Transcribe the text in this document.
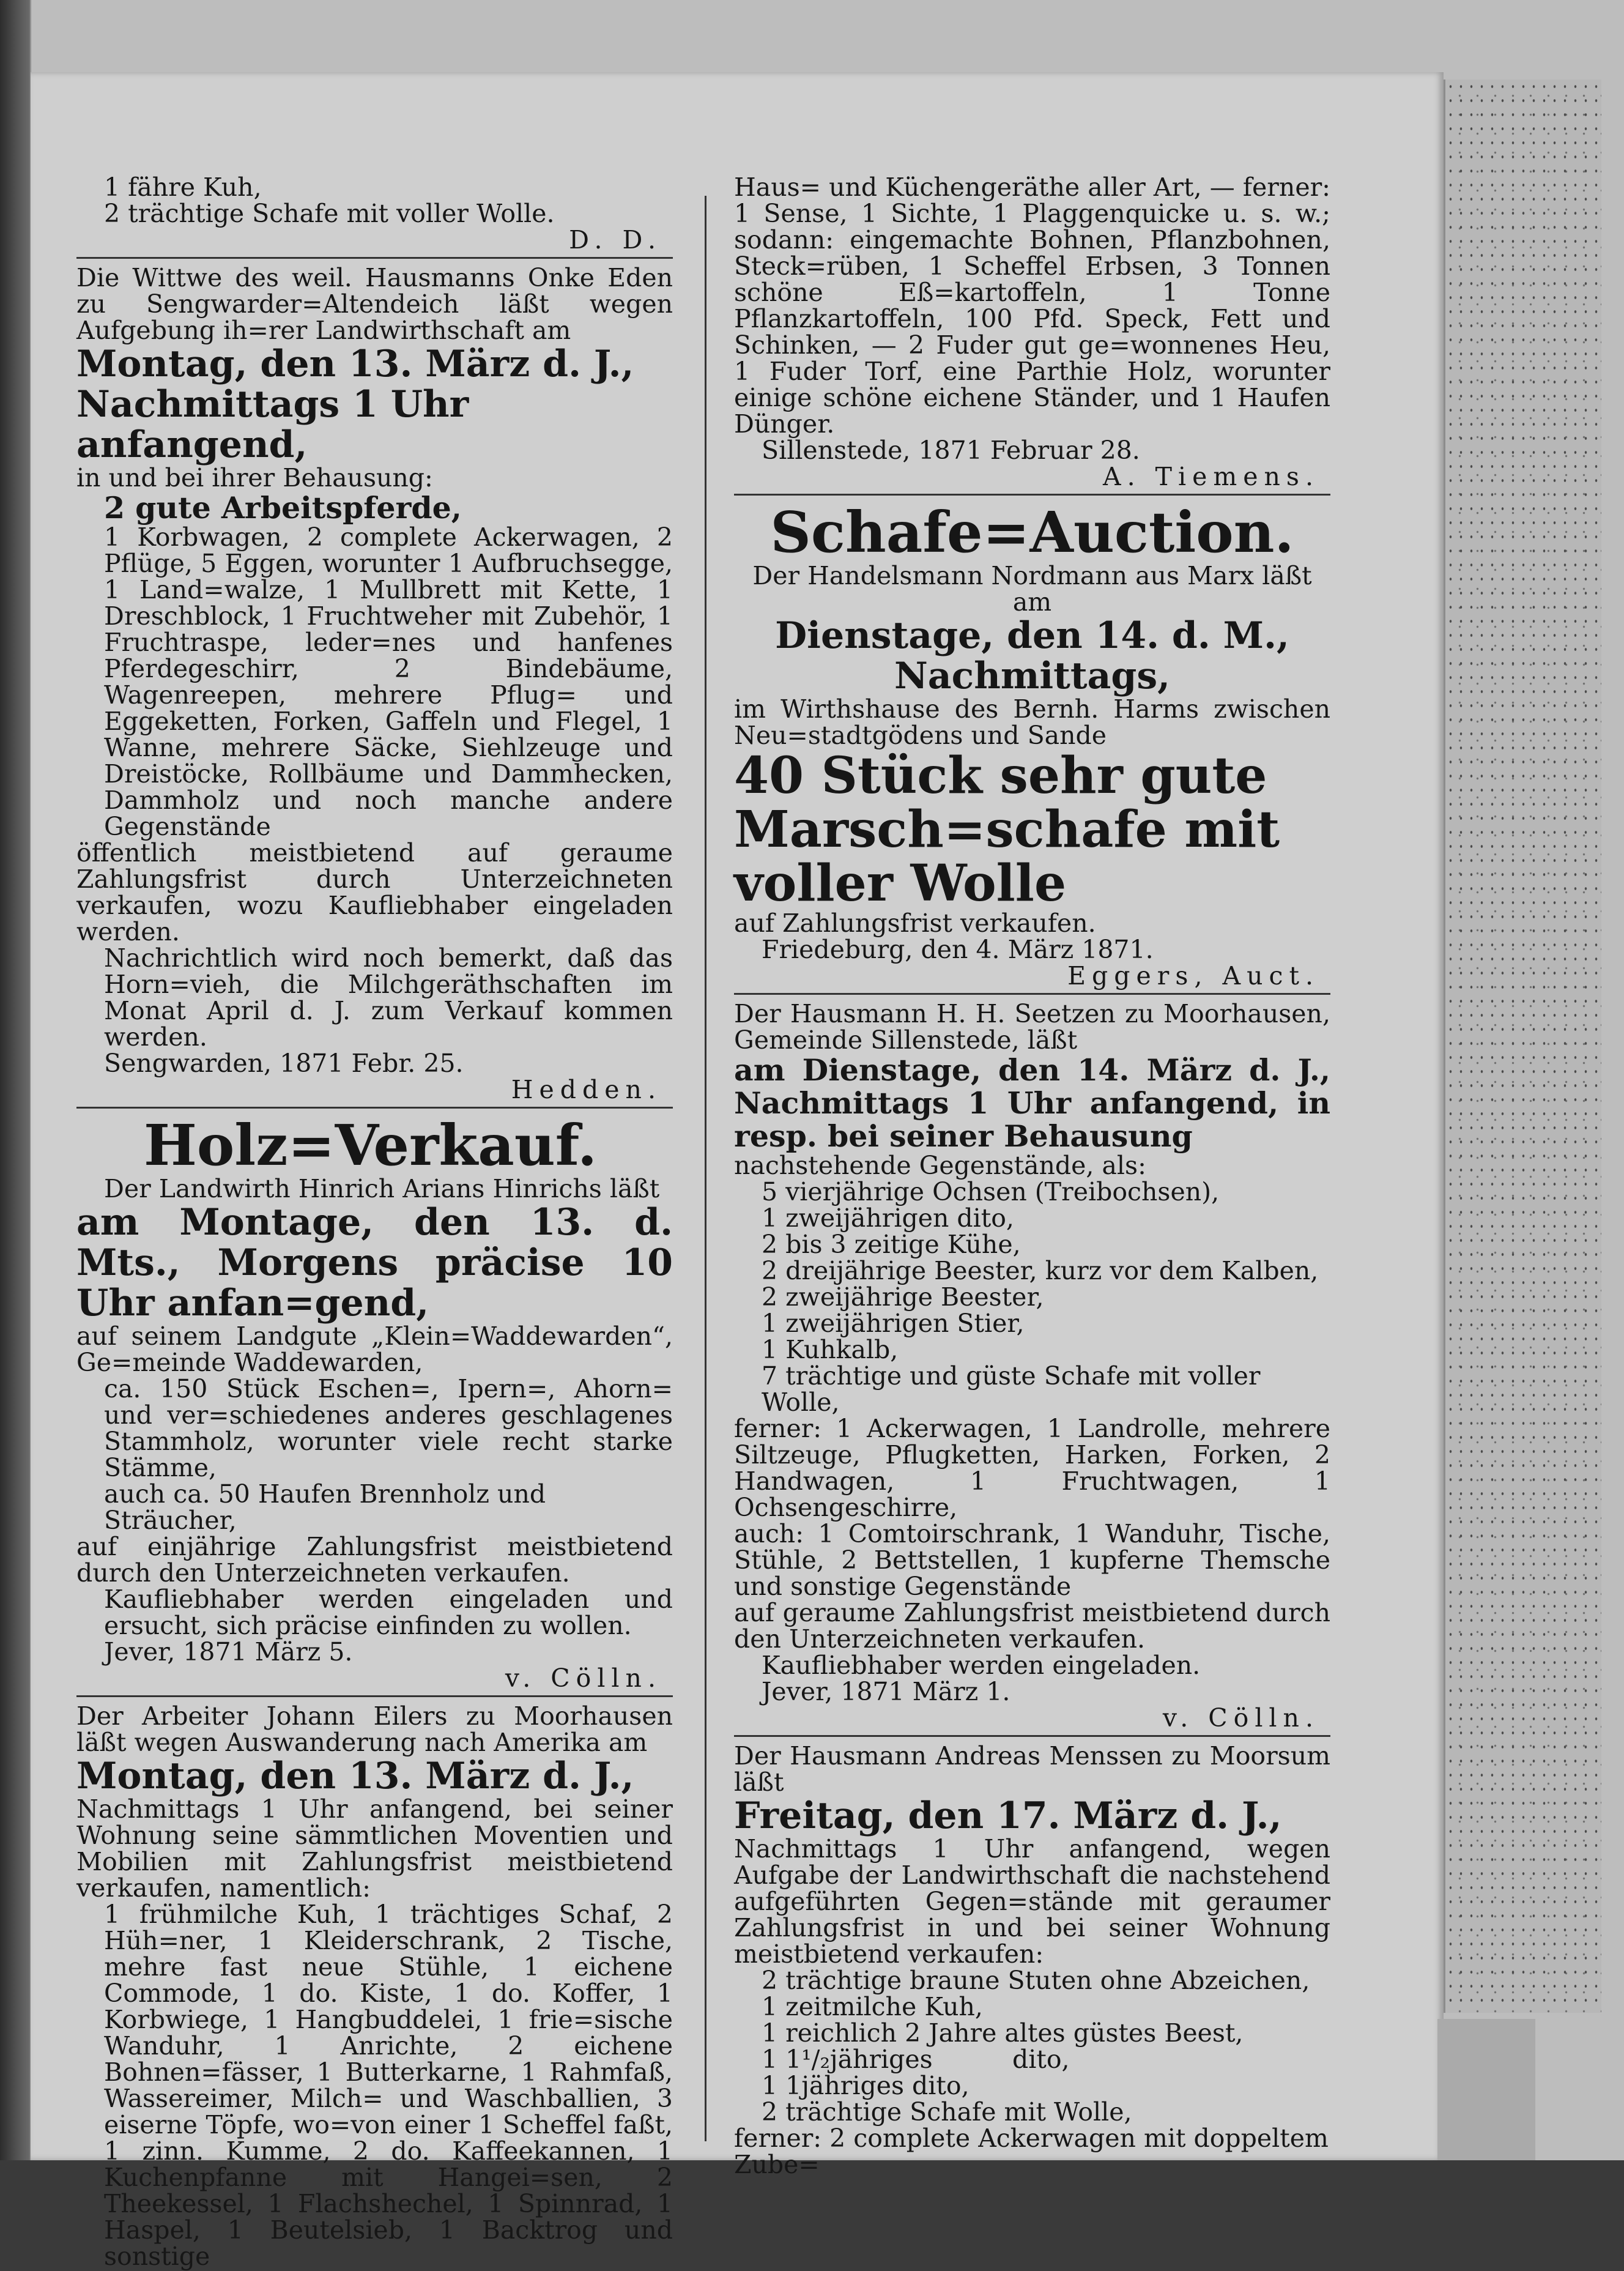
1 fähre Kuh,

2 trächtige Schafe mit voller Wolle.

D. D.

Die Wittwe des weil. Hausmanns Onke Eden zu Sengwarder=Altendeich läßt wegen Aufgebung ih=rer Landwirthschaft am

Montag, den 13. März d. J.,

Nachmittags 1 Uhr anfangend,

in und bei ihrer Behausung:

2 gute Arbeitspferde,

1 Korbwagen, 2 complete Ackerwagen, 2 Pflüge, 5 Eggen, worunter 1 Aufbruchsegge, 1 Land=walze, 1 Mullbrett mit Kette, 1 Dreschblock, 1 Fruchtweher mit Zubehör, 1 Fruchtraspe, leder=nes und hanfenes Pferdegeschirr, 2 Bindebäume, Wagenreepen, mehrere Pflug= und Eggeketten, Forken, Gaffeln und Flegel, 1 Wanne, mehrere Säcke, Siehlzeuge und Dreistöcke, Rollbäume und Dammhecken, Dammholz und noch manche andere Gegenstände

öffentlich meistbietend auf geraume Zahlungsfrist durch Unterzeichneten verkaufen, wozu Kaufliebhaber eingeladen werden.

Nachrichtlich wird noch bemerkt, daß das Horn=vieh, die Milchgeräthschaften im Monat April d. J. zum Verkauf kommen werden.

Sengwarden, 1871 Febr. 25.

Hedden.

Holz=Verkauf.

Der Landwirth Hinrich Arians Hinrichs läßt

am Montage, den 13. d. Mts., Morgens präcise 10 Uhr anfan=gend,

auf seinem Landgute „Klein=Waddewarden“, Ge=meinde Waddewarden,

ca. 150 Stück Eschen=, Ipern=, Ahorn= und ver=schiedenes anderes geschlagenes Stammholz, worunter viele recht starke Stämme,

auch ca. 50 Haufen Brennholz und Sträucher,

auf einjährige Zahlungsfrist meistbietend durch den Unterzeichneten verkaufen.

Kaufliebhaber werden eingeladen und ersucht, sich präcise einfinden zu wollen.

Jever, 1871 März 5.

v. Cölln.

Der Arbeiter Johann Eilers zu Moorhausen läßt wegen Auswanderung nach Amerika am

Montag, den 13. März d. J.,

Nachmittags 1 Uhr anfangend, bei seiner Wohnung seine sämmtlichen Moventien und Mobilien mit Zahlungsfrist meistbietend verkaufen, namentlich:

1 frühmilche Kuh, 1 trächtiges Schaf, 2 Hüh=ner, 1 Kleiderschrank, 2 Tische, mehre fast neue Stühle, 1 eichene Commode, 1 do. Kiste, 1 do. Koffer, 1 Korbwiege, 1 Hangbuddelei, 1 frie=sische Wanduhr, 1 Anrichte, 2 eichene Bohnen=fässer, 1 Butterkarne, 1 Rahmfaß, Wassereimer, Milch= und Waschballien, 3 eiserne Töpfe, wo=von einer 1 Scheffel faßt, 1 zinn. Kumme, 2 do. Kaffeekannen, 1 Kuchenpfanne mit Hangei=sen, 2 Theekessel, 1 Flachshechel, 1 Spinnrad, 1 Haspel, 1 Beutelsieb, 1 Backtrog und sonstige

Haus= und Küchengeräthe aller Art, — ferner: 1 Sense, 1 Sichte, 1 Plaggenquicke u. s. w.; sodann: eingemachte Bohnen, Pflanzbohnen, Steck=rüben, 1 Scheffel Erbsen, 3 Tonnen schöne Eß=kartoffeln, 1 Tonne Pflanzkartoffeln, 100 Pfd. Speck, Fett und Schinken, — 2 Fuder gut ge=wonnenes Heu, 1 Fuder Torf, eine Parthie Holz, worunter einige schöne eichene Ständer, und 1 Haufen Dünger.

Sillenstede, 1871 Februar 28.

A. Tiemens.

Schafe=Auction.

Der Handelsmann Nordmann aus Marx läßt am

Dienstage, den 14. d. M.,

Nachmittags,

im Wirthshause des Bernh. Harms zwischen Neu=stadtgödens und Sande

40 Stück sehr gute Marsch=schafe mit voller Wolle

auf Zahlungsfrist verkaufen.

Friedeburg, den 4. März 1871.

Eggers, Auct.

Der Hausmann H. H. Seetzen zu Moorhausen, Gemeinde Sillenstede, läßt

am Dienstage, den 14. März d. J., Nachmittags 1 Uhr anfangend, in resp. bei seiner Behausung

nachstehende Gegenstände, als:

5 vierjährige Ochsen (Treibochsen),

1 zweijährigen dito,

2 bis 3 zeitige Kühe,

2 dreijährige Beester, kurz vor dem Kalben,

2 zweijährige Beester,

1 zweijährigen Stier,

1 Kuhkalb,

7 trächtige und güste Schafe mit voller Wolle,

ferner: 1 Ackerwagen, 1 Landrolle, mehrere Siltzeuge, Pflugketten, Harken, Forken, 2 Handwagen, 1 Fruchtwagen, 1 Ochsengeschirre,

auch: 1 Comtoirschrank, 1 Wanduhr, Tische, Stühle, 2 Bettstellen, 1 kupferne Themsche und sonstige Gegenstände

auf geraume Zahlungsfrist meistbietend durch den Unterzeichneten verkaufen.

Kaufliebhaber werden eingeladen.

Jever, 1871 März 1.

v. Cölln.

Der Hausmann Andreas Menssen zu Moorsum läßt

Freitag, den 17. März d. J.,

Nachmittags 1 Uhr anfangend, wegen Aufgabe der Landwirthschaft die nachstehend aufgeführten Gegen=stände mit geraumer Zahlungsfrist in und bei seiner Wohnung meistbietend verkaufen:

2 trächtige braune Stuten ohne Abzeichen,

1 zeitmilche Kuh,

1 reichlich 2 Jahre altes güstes Beest,

1 1¹/₂jähriges          dito,

1 1jähriges dito,

2 trächtige Schafe mit Wolle,

ferner: 2 complete Ackerwagen mit doppeltem Zube=
